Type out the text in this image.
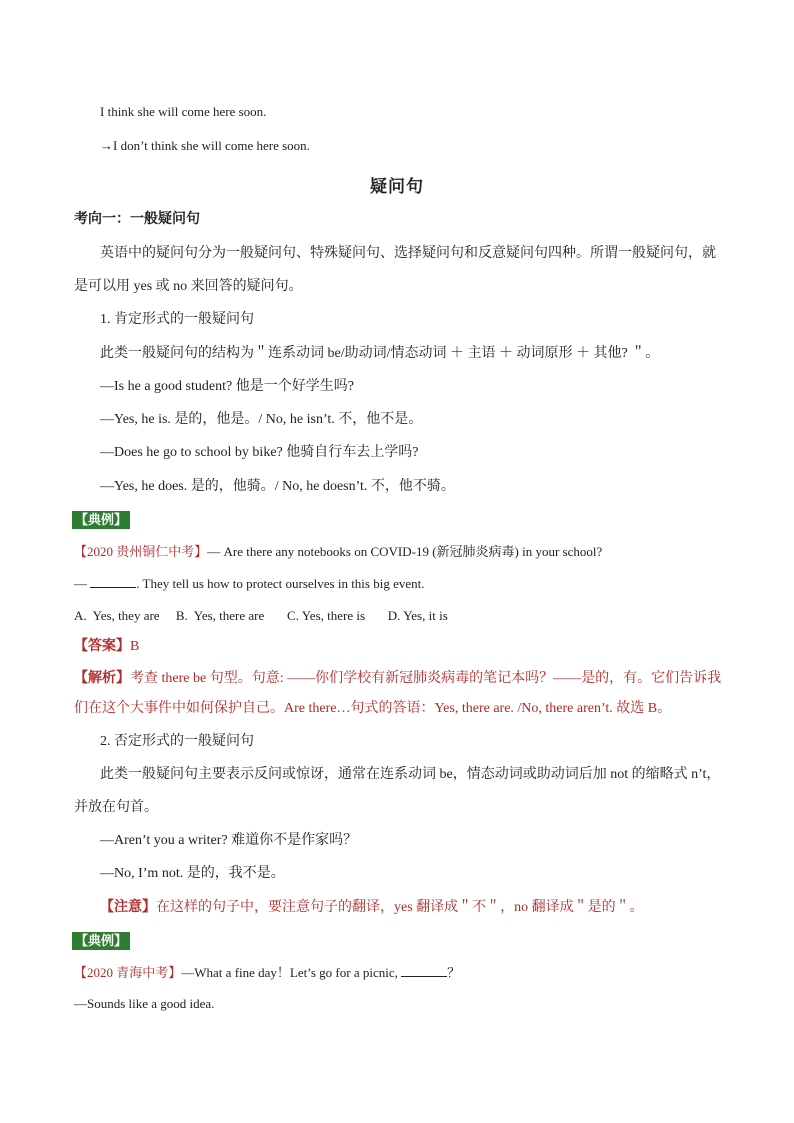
I think she will come here soon.
→I don’t think she will come here soon.
疑问句
考向一：一般疑问句
英语中的疑问句分为一般疑问句、特殊疑问句、选择疑问句和反意疑问句四种。所谓一般疑问句，就
是可以用 yes 或 no 来回答的疑问句。
1. 肯定形式的一般疑问句
此类一般疑问句的结构为＂连系动词 be/助动词/情态动词 ＋ 主语 ＋ 动词原形 ＋ 其他? ＂。
—Is he a good student? 他是一个好学生吗?
—Yes, he is. 是的，他是。/ No, he isn’t. 不，他不是。
—Does he go to school by bike? 他骑自行车去上学吗?
—Yes, he does. 是的，他骑。/ No, he doesn’t. 不，他不骑。
【典例】
【2020 贵州铜仁中考】— Are there any notebooks on COVID-19 (新冠肺炎病毒) in your school?
—	. They tell us how to protect ourselves in this big event.
A.  Yes, they are     B.  Yes, there are       C. Yes, there is       D. Yes, it is
【答案】B
【解析】考查 there be 句型。句意: ——你们学校有新冠肺炎病毒的笔记本吗？——是的，有。它们告诉我
们在这个大事件中如何保护自己。Are there…句式的答语：Yes, there are. /No, there aren’t. 故选 B。
2. 否定形式的一般疑问句
此类一般疑问句主要表示反问或惊讶，通常在连系动词 be，情态动词或助动词后加 not 的缩略式 n’t，
并放在句首。
—Aren’t you a writer? 难道你不是作家吗？
—No, I’m not. 是的，我不是。
【注意】在这样的句子中，要注意句子的翻译，yes 翻译成＂不＂，no 翻译成＂是的＂。
【典例】
【2020 青海中考】—What a fine day！Let’s go for a picnic,	？
—Sounds like a good idea.
